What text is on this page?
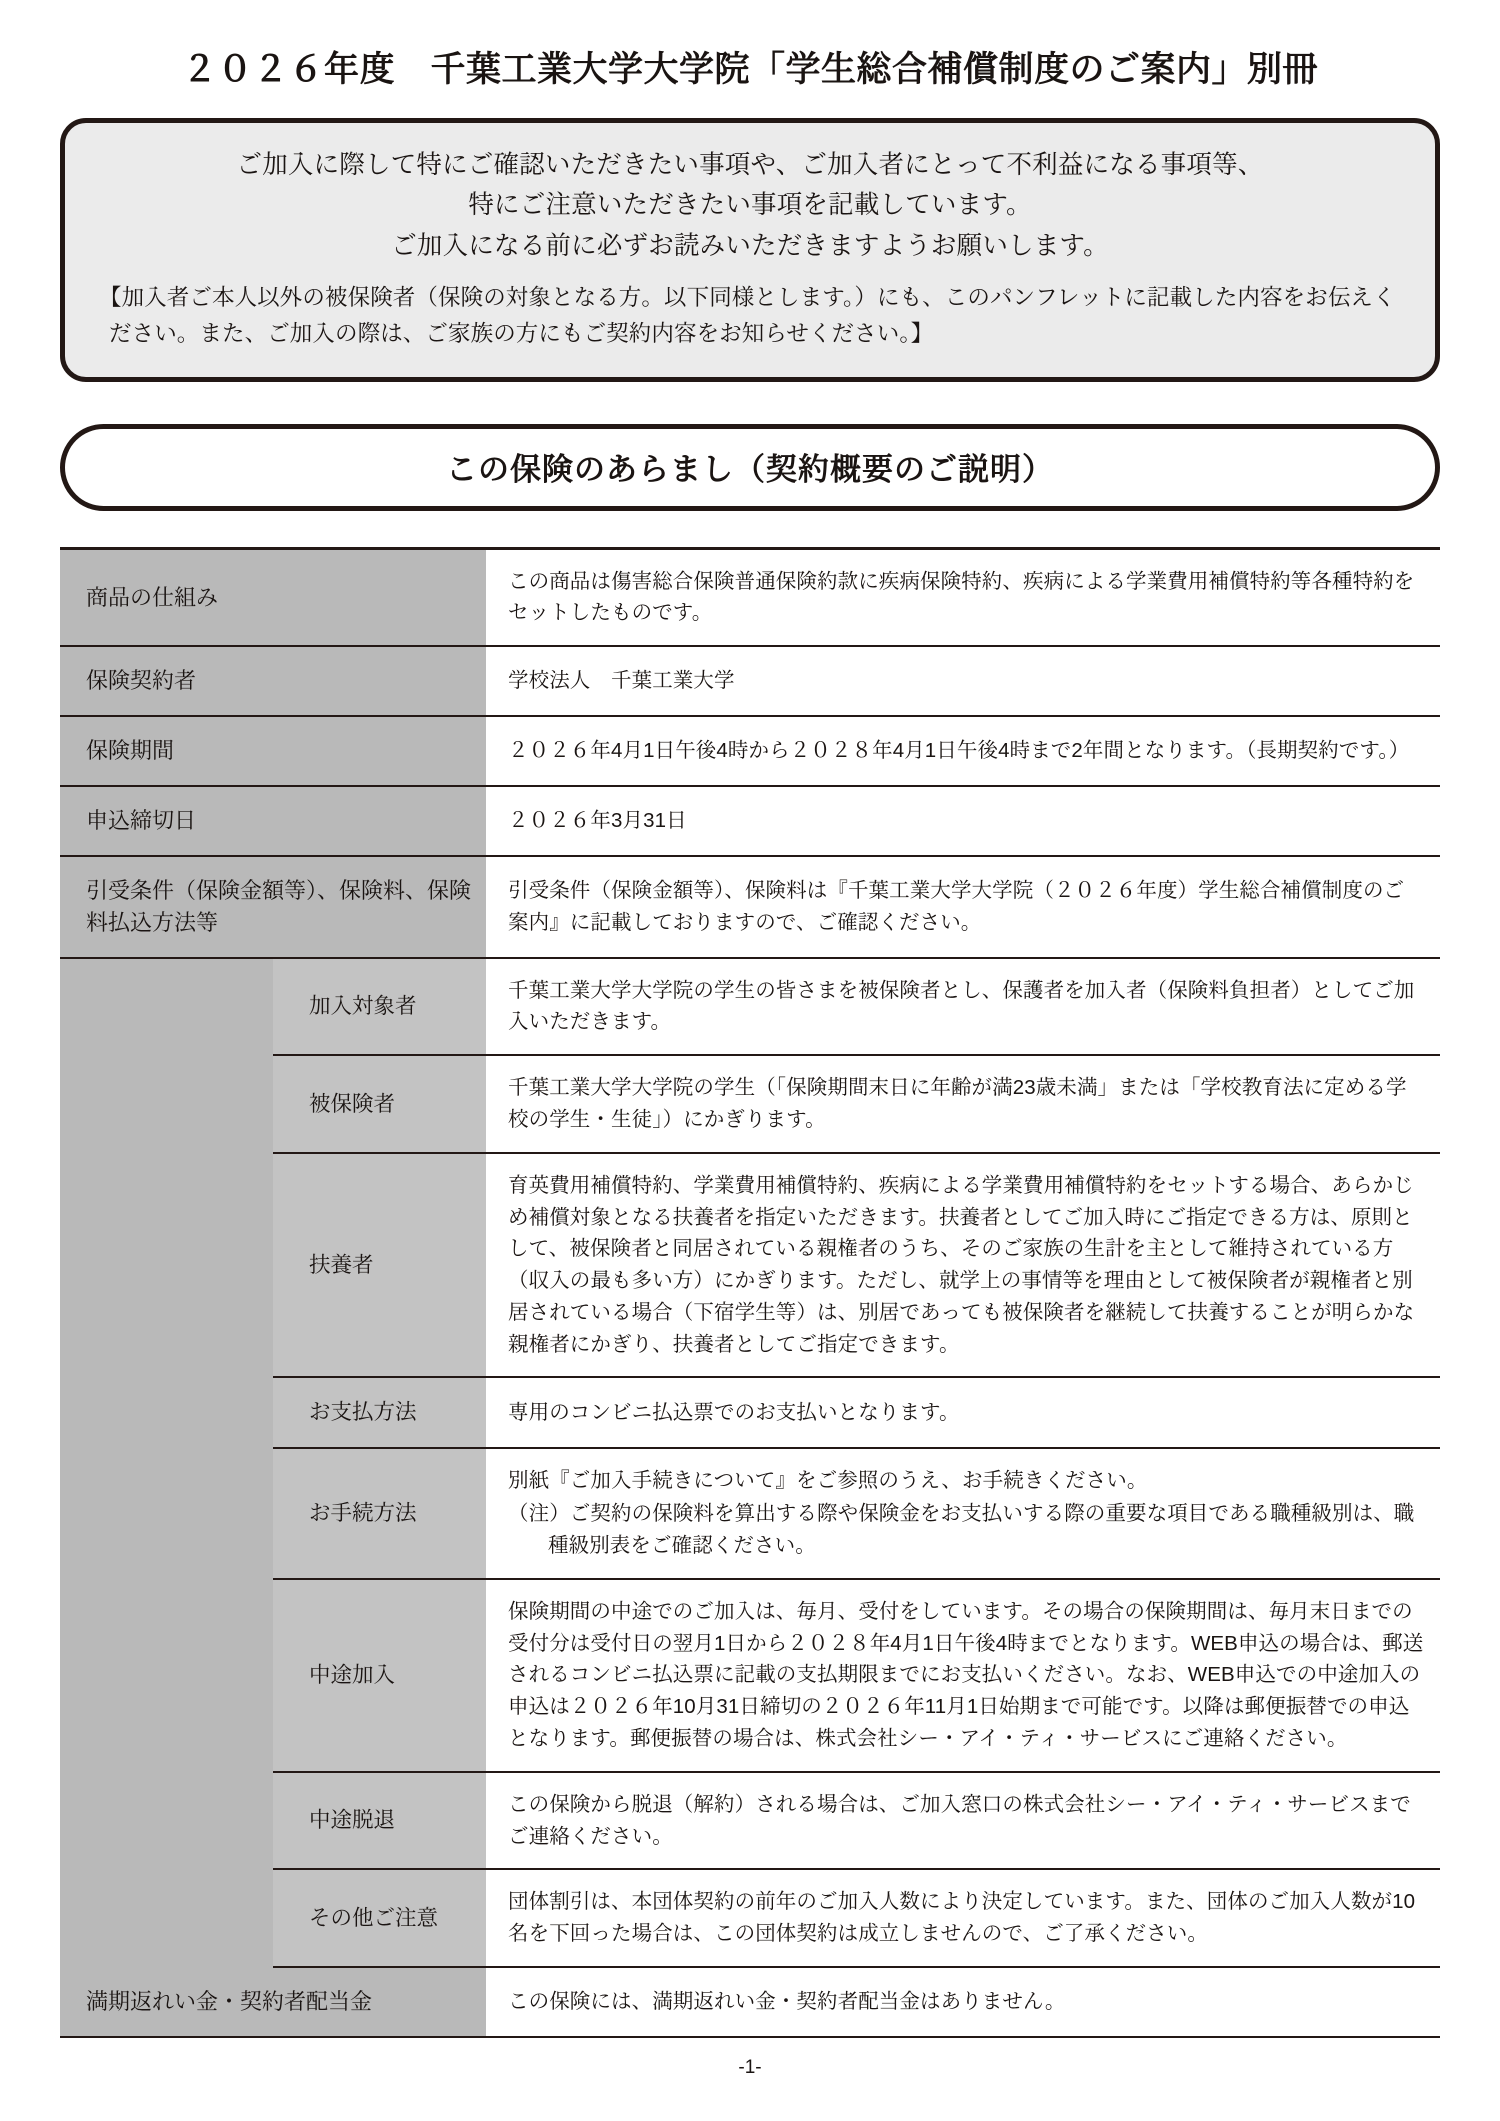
２０２６年度　千葉工業大学大学院「学生総合補償制度のご案内」別冊
ご加入に際して特にご確認いただきたい事項や、ご加入者にとって不利益になる事項等、
特にご注意いただきたい事項を記載しています。
ご加入になる前に必ずお読みいただきますようお願いします。
【加入者ご本人以外の被保険者（保険の対象となる方。以下同様とします。）にも、このパンフレットに記載した内容をお伝えください。また、ご加入の際は、ご家族の方にもご契約内容をお知らせください。】
この保険のあらまし（契約概要のご説明）
商品の仕組み		この商品は傷害総合保険普通保険約款に疾病保険特約、疾病による学業費用補償特約等各種特約をセットしたものです。

保険契約者		学校法人　千葉工業大学

保険期間		２０２６年4月1日午後4時から２０２８年4月1日午後4時まで2年間となります。（長期契約です。）

申込締切日		２０２６年3月31日

引受条件（保険金額等）、保険料、保険料払込方法等		引受条件（保険金額等）、保険料は『千葉工業大学大学院（２０２６年度）学生総合補償制度のご案内』に記載しておりますので、ご確認ください。

	加入対象者	千葉工業大学大学院の学生の皆さまを被保険者とし、保護者を加入者（保険料負担者）としてご加入いただきます。

	被保険者	千葉工業大学大学院の学生（「保険期間末日に年齢が満23歳未満」または「学校教育法に定める学校の学生・生徒」）にかぎります。

	扶養者	育英費用補償特約、学業費用補償特約、疾病による学業費用補償特約をセットする場合、あらかじめ補償対象となる扶養者を指定いただきます。扶養者としてご加入時にご指定できる方は、原則として、被保険者と同居されている親権者のうち、そのご家族の生計を主として維持されている方（収入の最も多い方）にかぎります。ただし、就学上の事情等を理由として被保険者が親権者と別居されている場合（下宿学生等）は、別居であっても被保険者を継続して扶養することが明らかな親権者にかぎり、扶養者としてご指定できます。

	お支払方法	専用のコンビニ払込票でのお支払いとなります。

	お手続方法	別紙『ご加入手続きについて』をご参照のうえ、お手続きください。

（注）ご契約の保険料を算出する際や保険金をお支払いする際の重要な項目である職種級別は、職種級別表をご確認ください。

	中途加入	保険期間の中途でのご加入は、毎月、受付をしています。その場合の保険期間は、毎月末日までの受付分は受付日の翌月1日から２０２８年4月1日午後4時までとなります。WEB申込の場合は、郵送されるコンビニ払込票に記載の支払期限までにお支払いください。なお、WEB申込での中途加入の申込は２０２６年10月31日締切の２０２６年11月1日始期まで可能です。以降は郵便振替での申込となります。郵便振替の場合は、株式会社シー・アイ・ティ・サービスにご連絡ください。

	中途脱退	この保険から脱退（解約）される場合は、ご加入窓口の株式会社シー・アイ・ティ・サービスまでご連絡ください。

	その他ご注意	団体割引は、本団体契約の前年のご加入人数により決定しています。また、団体のご加入人数が10名を下回った場合は、この団体契約は成立しませんので、ご了承ください。

満期返れい金・契約者配当金		この保険には、満期返れい金・契約者配当金はありません。

-1-
